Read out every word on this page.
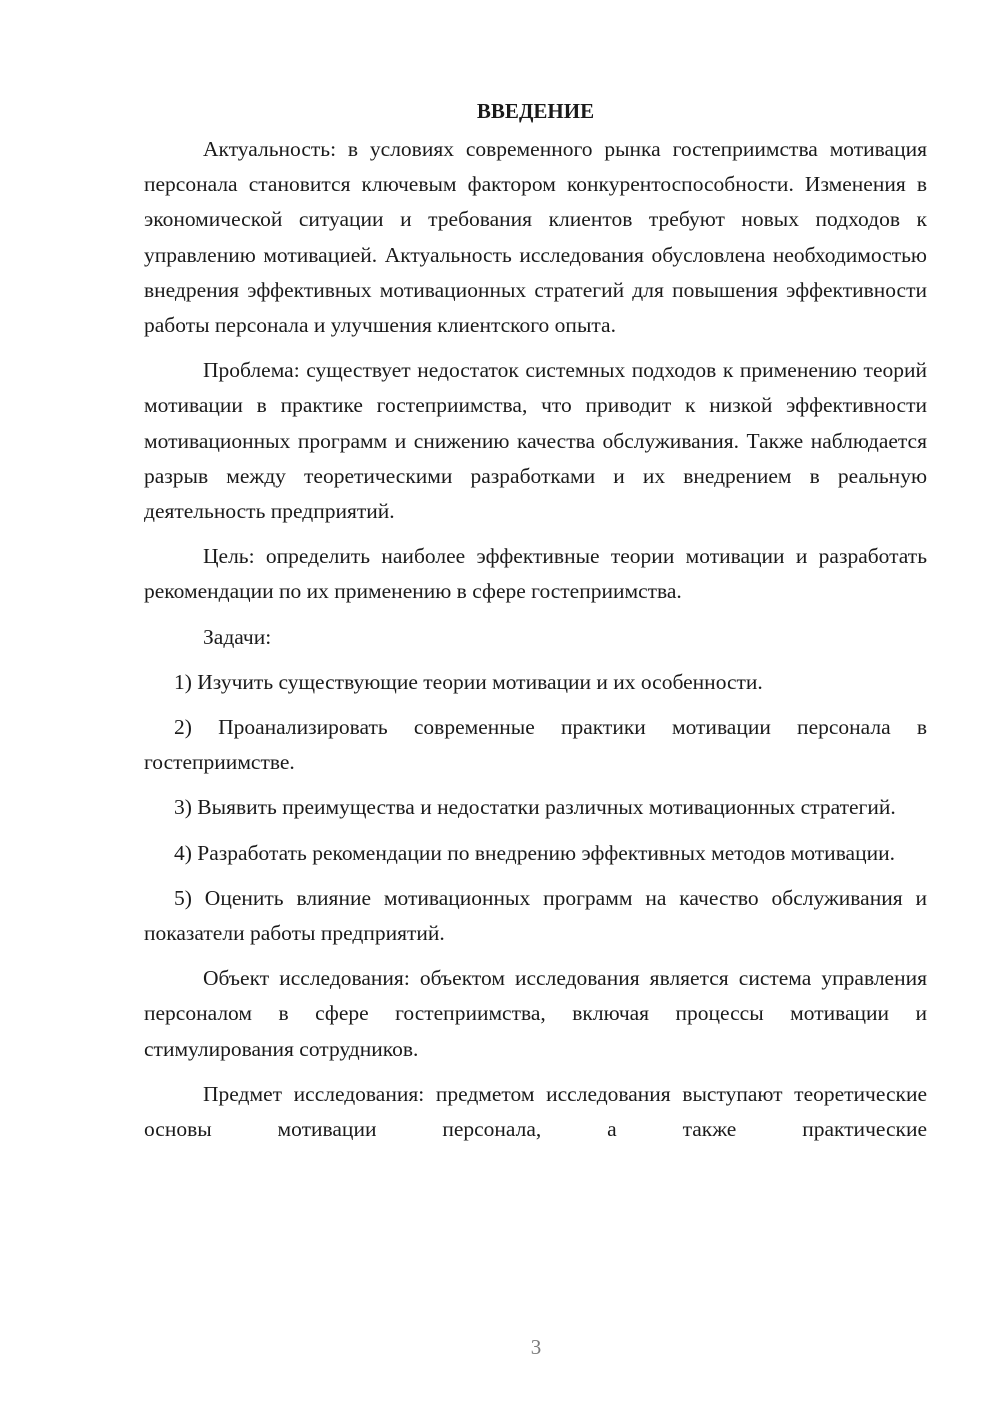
ВВЕДЕНИЕ

Актуальность: в условиях современного рынка гостеприимства мотивация персонала становится ключевым фактором конкурентоспособности. Изменения в экономической ситуации и требования клиентов требуют новых подходов к управлению мотивацией. Актуальность исследования обусловлена необходимостью внедрения эффективных мотивационных стратегий для повышения эффективности работы персонала и улучшения клиентского опыта.

Проблема: существует недостаток системных подходов к применению теорий мотивации в практике гостеприимства, что приводит к низкой эффективности мотивационных программ и снижению качества обслуживания. Также наблюдается разрыв между теоретическими разработками и их внедрением в реальную деятельность предприятий.

Цель: определить наиболее эффективные теории мотивации и разработать рекомендации по их применению в сфере гостеприимства.

Задачи:

1) Изучить существующие теории мотивации и их особенности.

2) Проанализировать современные практики мотивации персонала в гостеприимстве.

3) Выявить преимущества и недостатки различных мотивационных стратегий.

4) Разработать рекомендации по внедрению эффективных методов мотивации.

5) Оценить влияние мотивационных программ на качество обслуживания и показатели работы предприятий.

Объект исследования: объектом исследования является система управления персоналом в сфере гостеприимства, включая процессы мотивации и стимулирования сотрудников.

Предмет исследования: предметом исследования выступают теоретические основы мотивации персонала, а также практические

3
